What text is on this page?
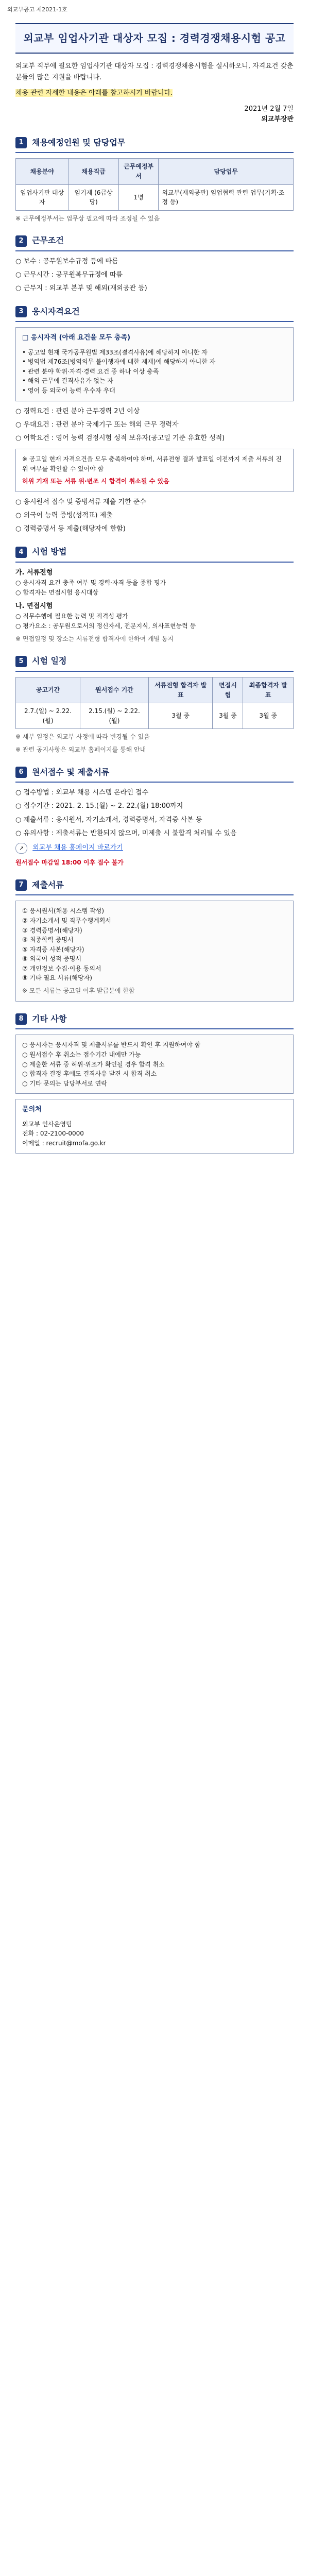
외교부공고 제2021-1호
외교부 임업사기관 대상자 모집 : 경력경쟁채용시험 공고
외교부 직무에 필요한 임업사기관 대상자 모집 : 경력경쟁채용시험을 실시하오니, 자격요건 갖춘 분들의 많은 지원을 바랍니다.
채용 관련 자세한 내용은 아래를 참고하시기 바랍니다.
2021년 2월 7일
외교부장관
1	채용예정인원 및 담당업무
채용분야	채용직급	근무예정부서	담당업무
임업사기관 대상자	임기제 (6급상당)	1명	외교부(재외공관) 임업협력 관련 업무(기획·조정 등)
※ 근무예정부서는 업무상 필요에 따라 조정될 수 있음
2	근무조건
○ 보수 : 공무원보수규정 등에 따름
○ 근무시간 : 공무원복무규정에 따름
○ 근무지 : 외교부 본부 및 해외(재외공관 등)
3	응시자격요건
□ 응시자격 (아래 요건을 모두 충족)
• 공고일 현재 국가공무원법 제33조(결격사유)에 해당하지 아니한 자
• 병역법 제76조(병역의무 불이행자에 대한 제재)에 해당하지 아니한 자
• 관련 분야 학위·자격·경력 요건 중 하나 이상 충족
• 해외 근무에 결격사유가 없는 자
• 영어 등 외국어 능력 우수자 우대
○ 경력요건 : 관련 분야 근무경력 2년 이상
○ 우대요건 : 관련 분야 국제기구 또는 해외 근무 경력자
○ 어학요건 : 영어 능력 검정시험 성적 보유자(공고일 기준 유효한 성적)
※ 공고일 현재 자격요건을 모두 충족하여야 하며, 서류전형 결과 발표일 이전까지 제출 서류의 진위 여부를 확인할 수 있어야 함
허위 기재 또는 서류 위·변조 시 합격이 취소될 수 있음
○ 응시원서 접수 및 증빙서류 제출 기한 준수
○ 외국어 능력 증빙(성적표) 제출
○ 경력증명서 등 제출(해당자에 한함)
4	시험 방법
가. 서류전형
○ 응시자격 요건 충족 여부 및 경력·자격 등을 종합 평가
○ 합격자는 면접시험 응시대상
나. 면접시험
○ 직무수행에 필요한 능력 및 적격성 평가
○ 평가요소 : 공무원으로서의 정신자세, 전문지식, 의사표현능력 등
※ 면접일정 및 장소는 서류전형 합격자에 한하여 개별 통지
5	시험 일정
공고기간	원서접수 기간	서류전형 합격자 발표	면접시험	최종합격자 발표
2.7.(일) ~ 2.22.(월)	2.15.(월) ~ 2.22.(월)	3월 중	3월 중	3월 중
※ 세부 일정은 외교부 사정에 따라 변경될 수 있음
※ 관련 공지사항은 외교부 홈페이지를 통해 안내
6	원서접수 및 제출서류
○ 접수방법 : 외교부 채용 시스템 온라인 접수
○ 접수기간 : 2021. 2. 15.(월) ~ 2. 22.(월) 18:00까지
○ 제출서류 : 응시원서, 자기소개서, 경력증명서, 자격증 사본 등
○ 유의사항 : 제출서류는 반환되지 않으며, 미제출 시 불합격 처리될 수 있음
↗	외교부 채용 홈페이지 바로가기
원서접수 마감일 18:00 이후 접수 불가
7	제출서류
① 응시원서(채용 시스템 작성)
② 자기소개서 및 직무수행계획서
③ 경력증명서(해당자)
④ 최종학력 증명서
⑤ 자격증 사본(해당자)
⑥ 외국어 성적 증명서
⑦ 개인정보 수집·이용 동의서
⑧ 기타 필요 서류(해당자)
※ 모든 서류는 공고일 이후 발급분에 한함
8	기타 사항
○ 응시자는 응시자격 및 제출서류를 반드시 확인 후 지원하여야 함
○ 원서접수 후 취소는 접수기간 내에만 가능
○ 제출한 서류 중 허위·위조가 확인될 경우 합격 취소
○ 합격자 결정 후에도 결격사유 발견 시 합격 취소
○ 기타 문의는 담당부서로 연락
문의처
외교부 인사운영팀
전화 : 02-2100-0000
이메일 : recruit@mofa.go.kr
